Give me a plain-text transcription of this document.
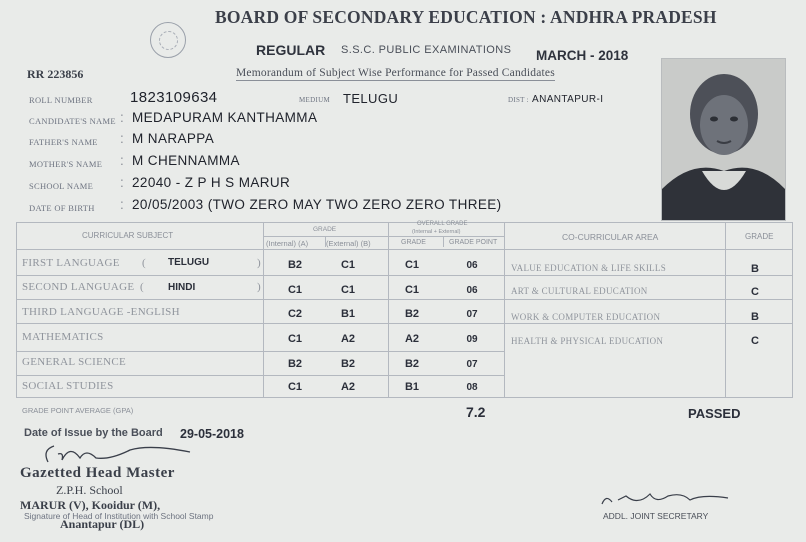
BOARD OF SECONDARY EDUCATION : ANDHRA PRADESH
REGULAR S.S.C. PUBLIC EXAMINATIONS MARCH - 2018
Memorandum of Subject Wise Performance for Passed Candidates
RR 223856
ROLL NUMBER 1823109634	MEDIUM TELUGU	DIST : ANANTAPUR-I
CANDIDATE'S NAME : MEDAPURAM KANTHAMMA
FATHER'S NAME : M NARAPPA
MOTHER'S NAME : M CHENNAMMA
SCHOOL NAME : 22040 - Z P H S MARUR
DATE OF BIRTH : 20/05/2003 (TWO ZERO MAY TWO ZERO ZERO THREE)
CURRICULAR SUBJECT
GRADE
(Internal) (A) (External) (B)
OVERALL GRADE
(Internal + External)
GRADE	GRADE POINT
CO-CURRICULAR AREA	GRADE
FIRST LANGUAGE ( TELUGU	)	B2	C1	C1	06
SECOND LANGUAGE ( HINDI	)	C1	C1	C1	06
THIRD LANGUAGE -ENGLISH	C2	B1	B2	07
MATHEMATICS	C1	A2	A2	09
GENERAL SCIENCE	B2	B2	B2	07
SOCIAL STUDIES	C1	A2	B1	08
VALUE EDUCATION & LIFE SKILLS	B
ART & CULTURAL EDUCATION	C
WORK & COMPUTER EDUCATION	B
HEALTH & PHYSICAL EDUCATION	C
GRADE POINT AVERAGE (GPA)	7.2	PASSED
Date of Issue by the Board 29-05-2018
Gazetted Head Master
Z.P.H. School
MARUR (V), Kooidur (M),
Signature of Head of Institution with School Stamp
Anantapur (DL)
ADDL. JOINT SECRETARY
